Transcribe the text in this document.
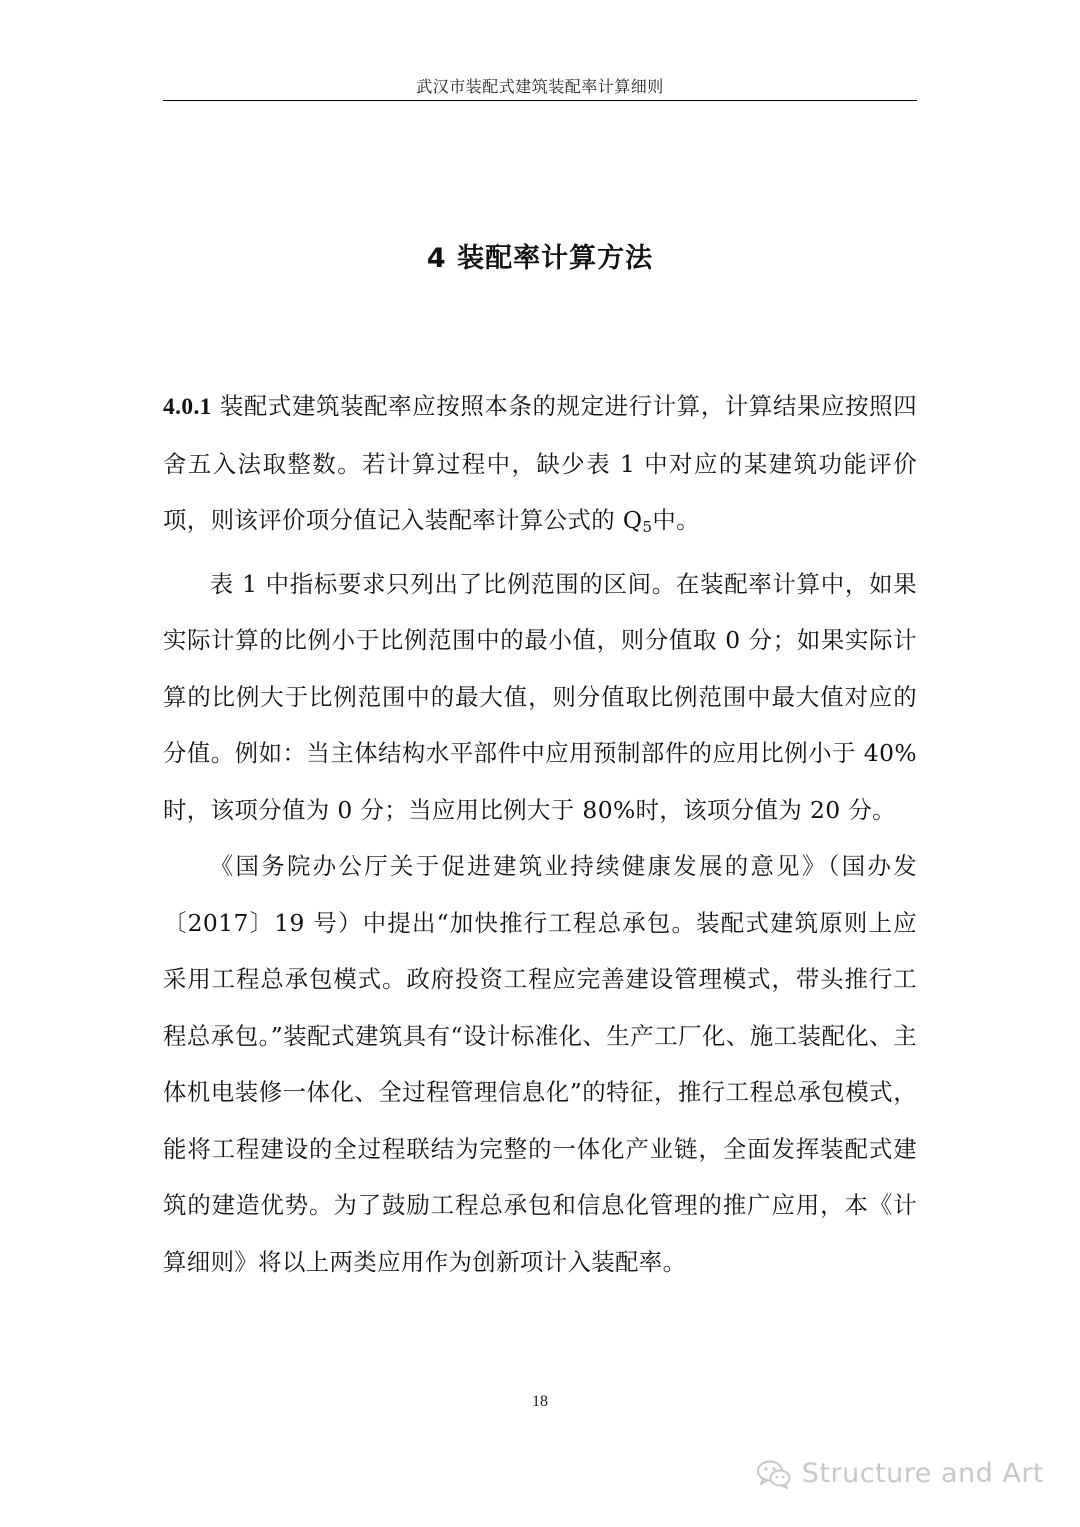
武汉市装配式建筑装配率计算细则
4 装配率计算方法

4.0.1 装配式建筑装配率应按照本条的规定进行计算，计算结果应按照四舍五入法取整数。若计算过程中，缺少表 1 中对应的某建筑功能评价项，则该评价项分值记入装配率计算公式的 $Q_5$中。

表 1 中指标要求只列出了比例范围的区间。在装配率计算中，如果实际计算的比例小于比例范围中的最小值，则分值取 0 分；如果实际计算的比例大于比例范围中的最大值，则分值取比例范围中最大值对应的分值。例如：当主体结构水平部件中应用预制部件的应用比例小于 40%时，该项分值为 0 分；当应用比例大于 80%时，该项分值为 20 分。

《国务院办公厅关于促进建筑业持续健康发展的意见》（国办发〔2017〕19 号）中提出“加快推行工程总承包。装配式建筑原则上应采用工程总承包模式。政府投资工程应完善建设管理模式，带头推行工程总承包。”装配式建筑具有“设计标准化、生产工厂化、施工装配化、主体机电装修一体化、全过程管理信息化”的特征，推行工程总承包模式，能将工程建设的全过程联结为完整的一体化产业链，全面发挥装配式建筑的建造优势。为了鼓励工程总承包和信息化管理的推广应用，本《计算细则》将以上两类应用作为创新项计入装配率。

18
Structure and Art
